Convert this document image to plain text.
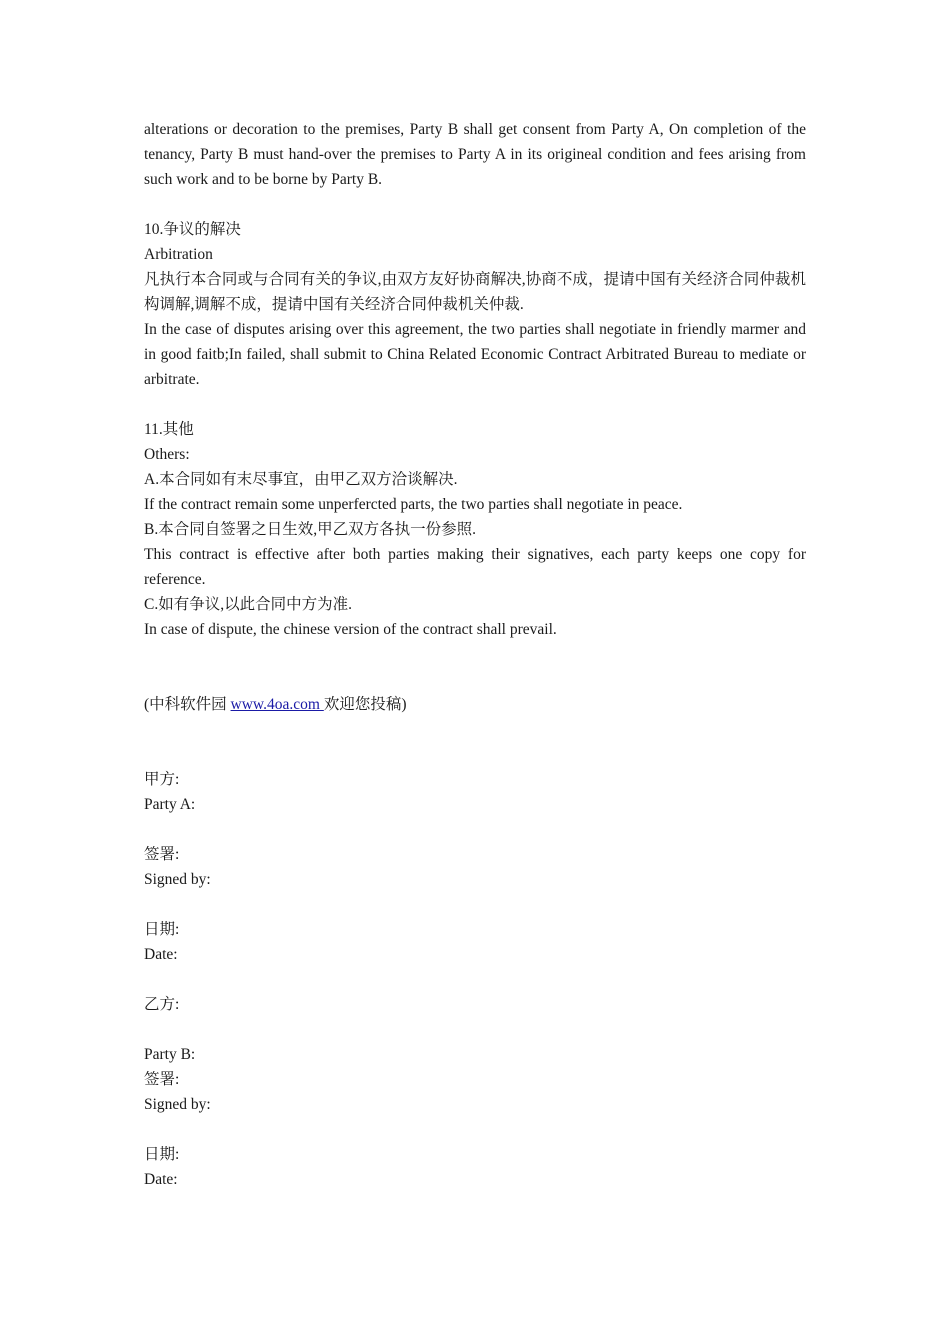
alterations or decoration to the premises, Party B shall get consent from Party A, On completion of the tenancy, Party B must hand-over the premises to Party A in its origineal condition and fees arising from such work and to be borne by Party B.

10.争议的解决

Arbitration

凡执行本合同或与合同有关的争议,由双方友好协商解决,协商不成，提请中国有关经济合同仲裁机构调解,调解不成，提请中国有关经济合同仲裁机关仲裁.

In the case of disputes arising over this agreement, the two parties shall negotiate in friendly marmer and in good faitb;In failed, shall submit to China Related Economic Contract Arbitrated Bureau to mediate or arbitrate.

11.其他

Others:

A.本合同如有末尽事宜，由甲乙双方洽谈解决.

If the contract remain some unperfercted parts, the two parties shall negotiate in peace.

B.本合同自签署之日生效,甲乙双方各执一份参照.

This contract is effective after both parties making their signatives, each party keeps one copy for reference.

C.如有争议,以此合同中方为准.

In case of dispute, the chinese version of the contract shall prevail.

(中科软件园 www.4oa.com 欢迎您投稿)

甲方:

Party A:

签署:

Signed by:

日期:

Date:

乙方:

Party B:

签署:

Signed by:

日期:

Date:
